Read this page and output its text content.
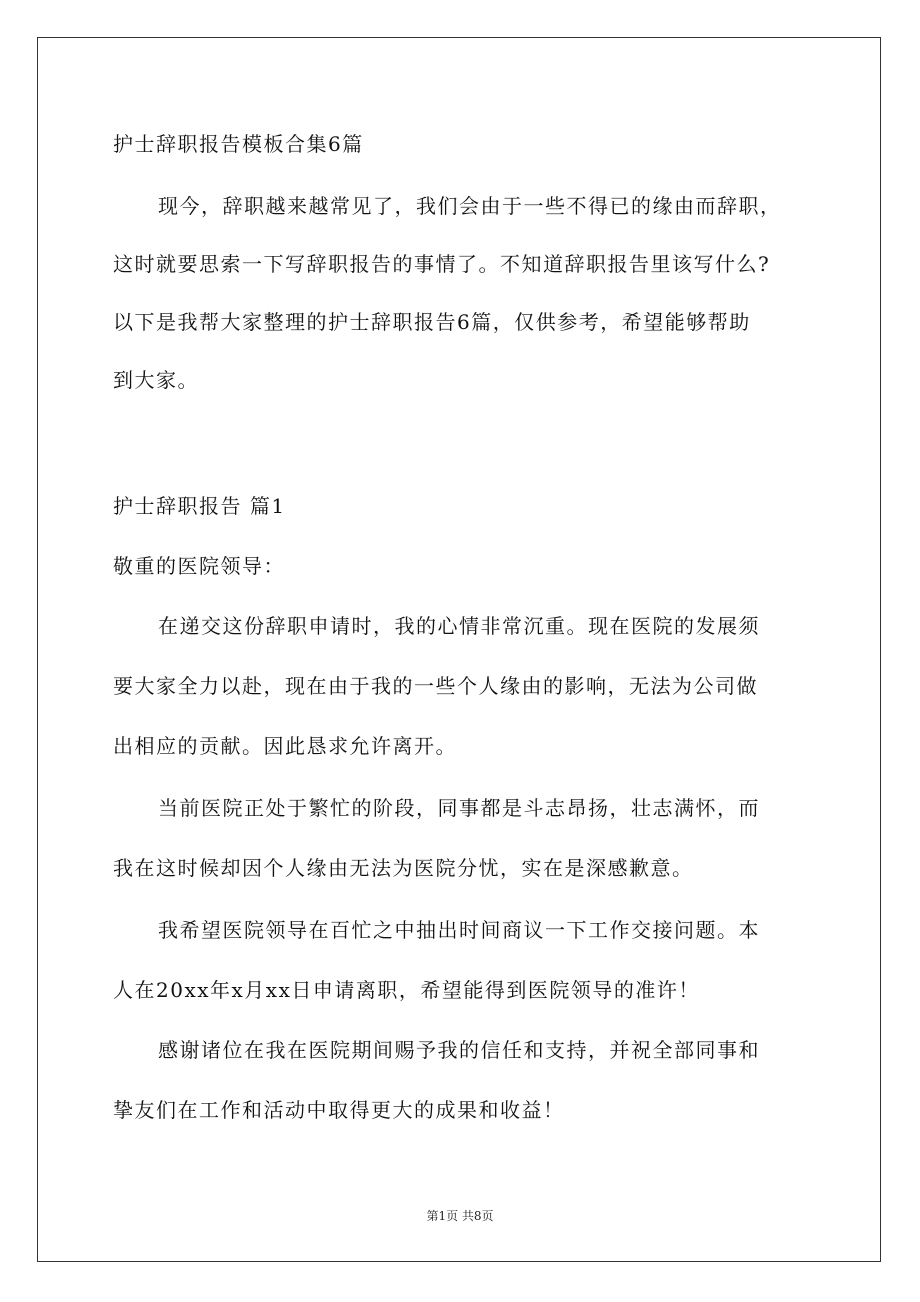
护士辞职报告模板合集6篇
现今，辞职越来越常见了，我们会由于一些不得已的缘由而辞职，
这时就要思索一下写辞职报告的事情了。不知道辞职报告里该写什么?
以下是我帮大家整理的护士辞职报告6篇，仅供参考，希望能够帮助
到大家。
护士辞职报告 篇1
敬重的医院领导：
在递交这份辞职申请时，我的心情非常沉重。现在医院的发展须
要大家全力以赴，现在由于我的一些个人缘由的影响，无法为公司做
出相应的贡献。因此恳求允许离开。
当前医院正处于繁忙的阶段，同事都是斗志昂扬，壮志满怀，而
我在这时候却因个人缘由无法为医院分忧，实在是深感歉意。
我希望医院领导在百忙之中抽出时间商议一下工作交接问题。本
人在20xx年x月xx日申请离职，希望能得到医院领导的准许！
感谢诸位在我在医院期间赐予我的信任和支持，并祝全部同事和
挚友们在工作和活动中取得更大的成果和收益！
第1页 共8页
